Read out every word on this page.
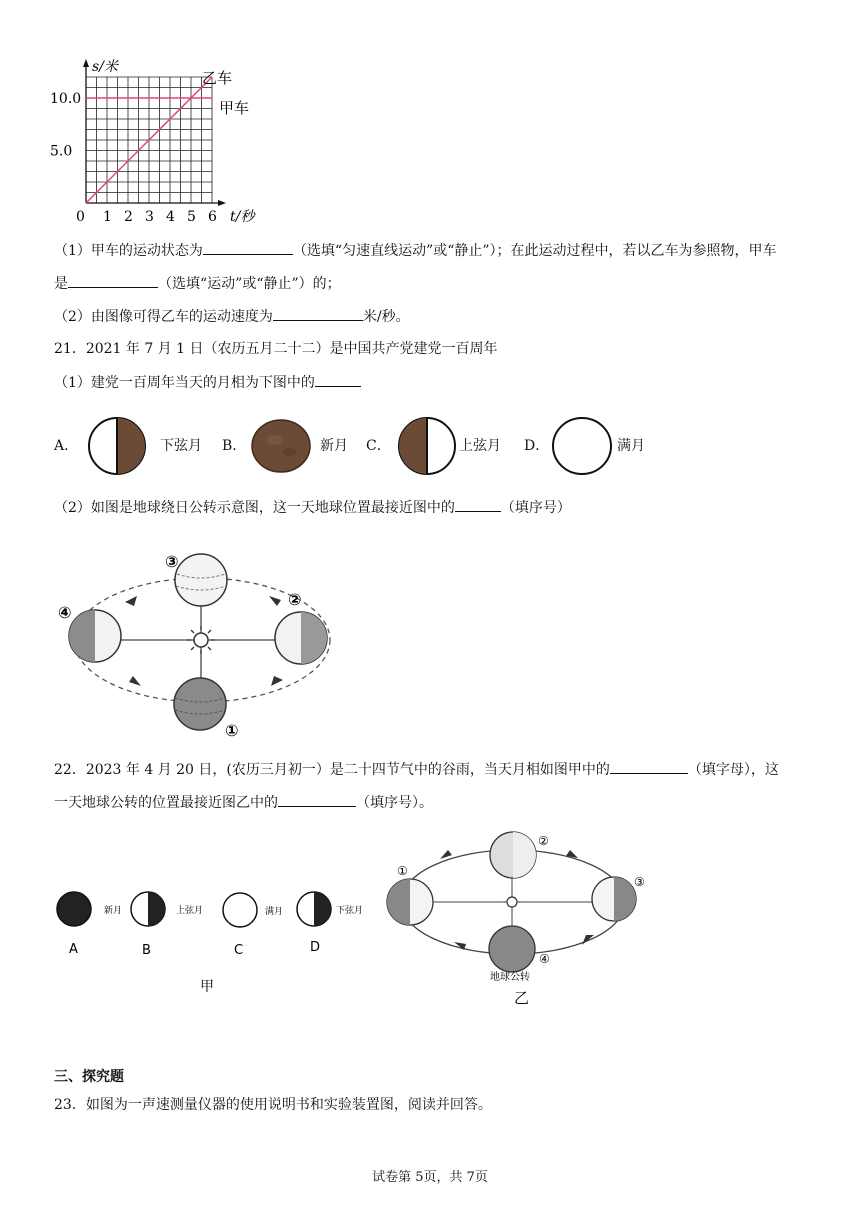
0 1 2 3 4 5 6
10.0
5.0
s/米
t/秒
乙车
甲车
（1）甲车的运动状态为	（选填“匀速直线运动”或“静止”）；在此运动过程中，若以乙车为参照物，甲车
是	（选填“运动”或“静止”）的；
（2）由图像可得乙车的运动速度为	米/秒。
21．2021 年 7 月 1 日（农历五月二十二）是中国共产党建党一百周年
（1）建党一百周年当天的月相为下图中的
A．	下弦月 B．	新月 C．	上弦月 D．	满月
（2）如图是地球绕日公转示意图，这一天地球位置最接近图中的	（填序号）
③
②
④
①
22．2023 年 4 月 20 日，(农历三月初一）是二十四节气中的谷雨，当天月相如图甲中的	（填字母），这
一天地球公转的位置最接近图乙中的	（填序号）。
新月	上弦月	满月	下弦月
A	B	C	D
甲
①
②
③
④
地球公转
乙
三、探究题
23．如图为一声速测量仪器的使用说明书和实验装置图，阅读并回答。
试卷第 5页，共 7页
